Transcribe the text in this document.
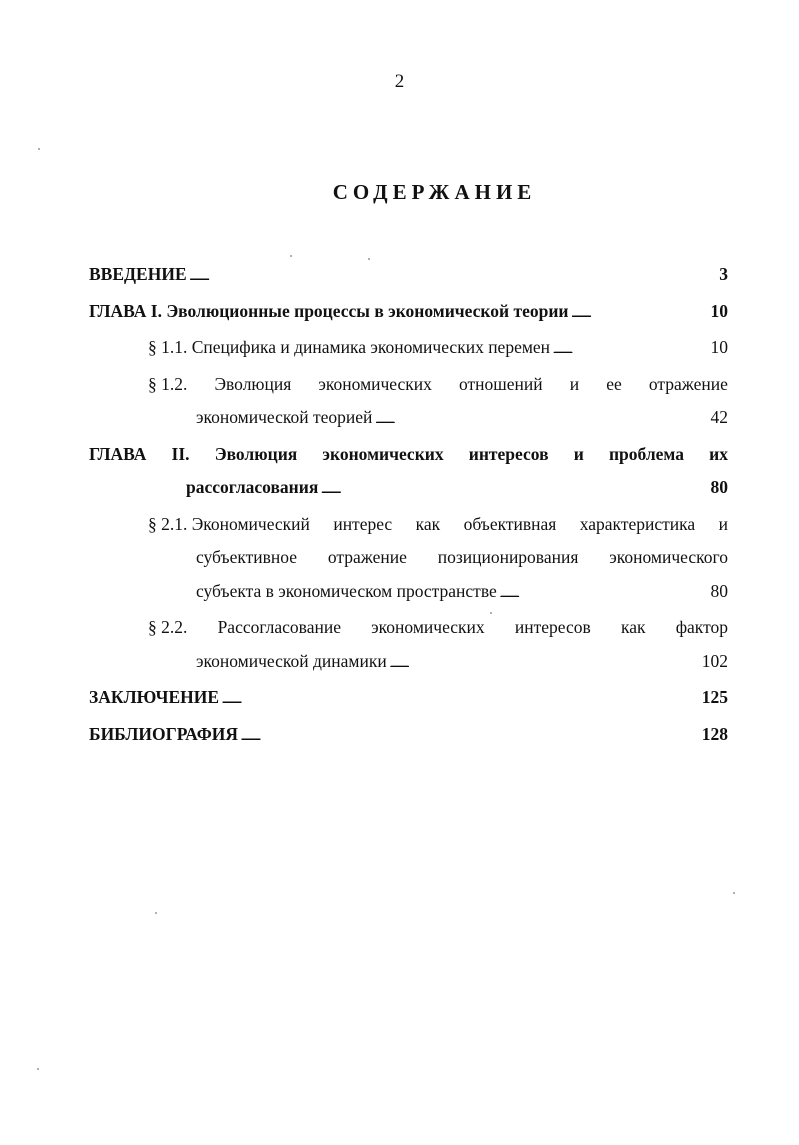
2
СОДЕРЖАНИЕ
ВВЕДЕНИЕ . . .	3
ГЛАВА I. Эволюционные процессы в экономической теории . . .	10
§ 1.1. Специфика и динамика экономических перемен . . .	10
§ 1.2. Эволюция экономических отношений и ее отражение
экономической теорией . . .	42
ГЛАВА II. Эволюция экономических интересов и проблема их
рассогласования . . .	80
§ 2.1. Экономический интерес как объективная характеристика и
субъективное отражение позиционирования экономического
субъекта в экономическом пространстве . . .	80
§ 2.2. Рассогласование экономических интересов как фактор
экономической динамики . . .	102
ЗАКЛЮЧЕНИЕ . . .	125
БИБЛИОГРАФИЯ . . .	128
